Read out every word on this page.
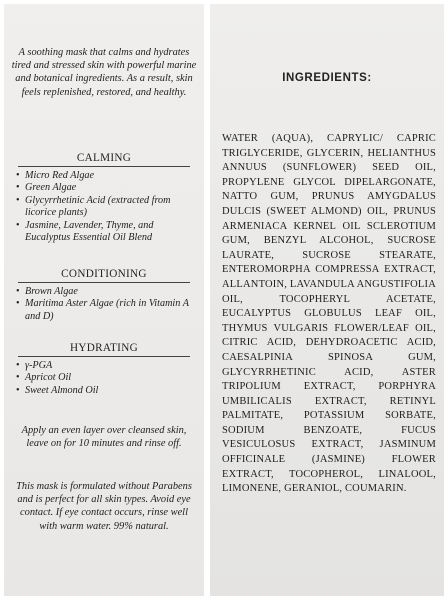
A soothing mask that calms and hydrates tired and stressed skin with powerful marine and botanical ingredients. As a result, skin feels replenished, restored, and healthy.
CALMING
• Micro Red Algae
• Green Algae
• Glycyrrhetinic Acid (extracted from licorice plants)
• Jasmine, Lavender, Thyme, and Eucalyptus Essential Oil Blend
CONDITIONING
• Brown Algae
• Maritima Aster Algae (rich in Vitamin A and D)
HYDRATING
• γ-PGA
• Apricot Oil
• Sweet Almond Oil
Apply an even layer over cleansed skin, leave on for 10 minutes and rinse off.
This mask is formulated without Parabens and is perfect for all skin types. Avoid eye contact. If eye contact occurs, rinse well with warm water. 99% natural.
INGREDIENTS:
WATER (AQUA), CAPRYLIC/ CAPRIC TRIGLYCERIDE, GLYCERIN, HELIANTHUS ANNUUS (SUNFLOWER) SEED OIL, PROPYLENE GLYCOL DIPELARGONATE, NATTO GUM, PRUNUS AMYGDALUS DULCIS (SWEET ALMOND) OIL, PRUNUS ARMENIACA KERNEL OIL SCLEROTIUM GUM, BENZYL ALCOHOL, SUCROSE LAURATE, SUCROSE STEARATE, ENTEROMORPHA COMPRESSA EXTRACT, ALLANTOIN, LAVANDULA ANGUSTIFOLIA OIL, TOCOPHERYL ACETATE, EUCALYPTUS GLOBULUS LEAF OIL, THYMUS VULGARIS FLOWER/LEAF OIL, CITRIC ACID, DEHYDROACETIC ACID, CAESALPINIA SPINOSA GUM, GLYCYRRHETINIC ACID, ASTER TRIPOLIUM EXTRACT, PORPHYRA UMBILICALIS EXTRACT, RETINYL PALMITATE, POTASSIUM SORBATE, SODIUM BENZOATE, FUCUS VESICULOSUS EXTRACT, JASMINUM OFFICINALE (JASMINE) FLOWER EXTRACT, TOCOPHEROL, LINALOOL, LIMONENE, GERANIOL, COUMARIN.
